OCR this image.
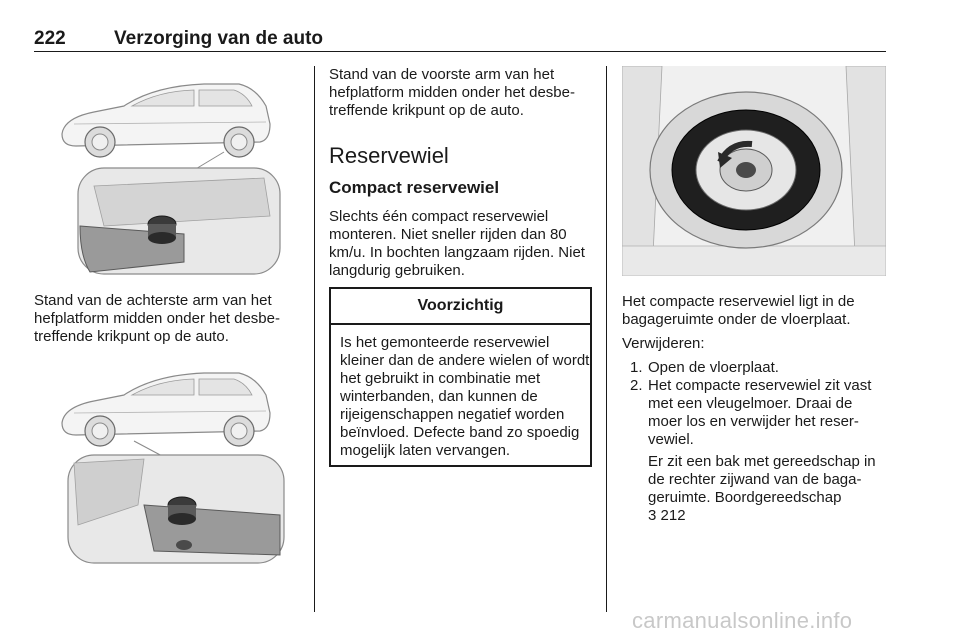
222	Verzorging van de auto
Stand van de achterste arm van het hefplatform midden onder het desbetreffende krikpunt op de auto.
Stand van de voorste arm van het hefplatform midden onder het desbetreffende krikpunt op de auto.
Reservewiel
Compact reservewiel
Slechts één compact reservewiel monteren. Niet sneller rijden dan 80 km/u. In bochten langzaam rijden. Niet langdurig gebruiken.
Voorzichtig
Is het gemonteerde reservewiel kleiner dan de andere wielen of wordt het gebruikt in combinatie met winterbanden, dan kunnen de rijeigenschappen negatief worden beïnvloed. Defecte band zo spoedig mogelijk laten vervangen.
Het compacte reservewiel ligt in de bagageruimte onder de vloerplaat.
Verwijderen:
1. Open de vloerplaat.
2. Het compacte reservewiel zit vast met een vleugelmoer. Draai de moer los en verwijder het reservewiel.
Er zit een bak met gereedschap in de rechter zijwand van de bagageruimte. Boordgereedschap
3 212
carmanualsonline.info
